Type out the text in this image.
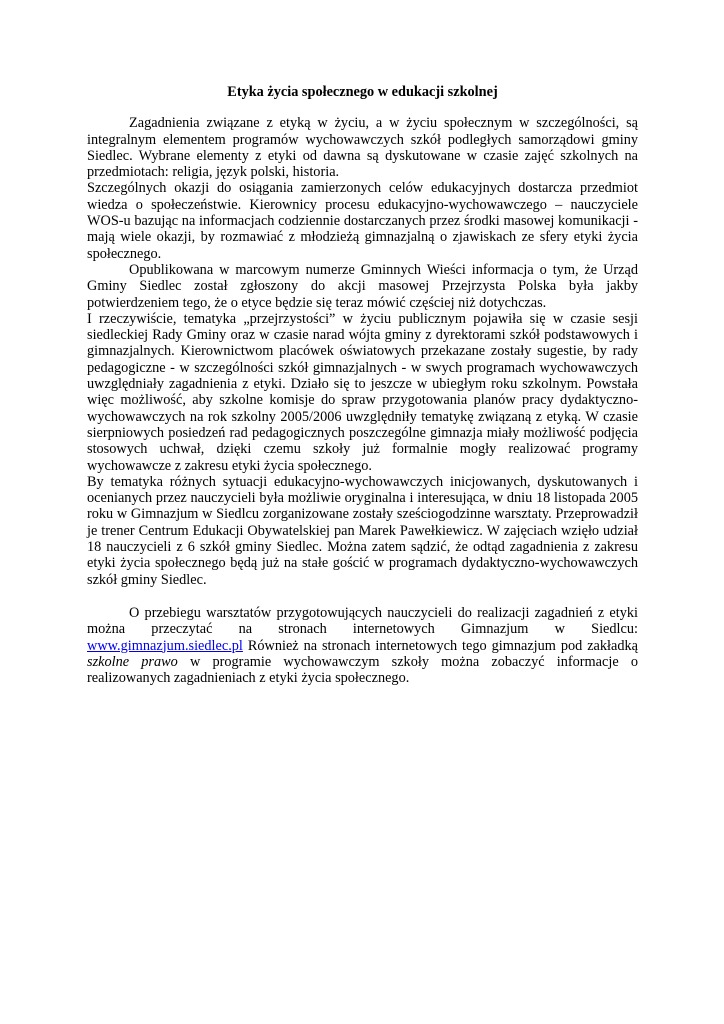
Etyka życia społecznego w edukacji szkolnej

Zagadnienia związane z etyką w życiu, a w życiu społecznym w szczególności, są integralnym elementem programów wychowawczych szkół podległych samorządowi gminy Siedlec. Wybrane elementy z etyki od dawna są dyskutowane w czasie zajęć szkolnych na przedmiotach: religia, język polski, historia.

Szczególnych okazji do osiągania zamierzonych celów edukacyjnych dostarcza przedmiot wiedza o społeczeństwie. Kierownicy procesu edukacyjno-wychowawczego – nauczyciele WOS-u bazując na informacjach codziennie dostarczanych przez środki masowej komunikacji - mają wiele okazji, by rozmawiać z młodzieżą gimnazjalną o zjawiskach ze sfery etyki życia społecznego.

Opublikowana w marcowym numerze Gminnych Wieści informacja o tym, że Urząd Gminy Siedlec został zgłoszony do akcji masowej Przejrzysta Polska była jakby potwierdzeniem tego, że o etyce będzie się teraz mówić częściej niż dotychczas.

I rzeczywiście, tematyka „przejrzystości” w życiu publicznym pojawiła się w czasie sesji siedleckiej Rady Gminy oraz w czasie narad wójta gminy z dyrektorami szkół podstawowych i gimnazjalnych. Kierownictwom placówek oświatowych przekazane zostały sugestie, by rady pedagogiczne - w szczególności szkół gimnazjalnych - w swych programach wychowawczych uwzględniały zagadnienia z etyki. Działo się to jeszcze w ubiegłym roku szkolnym. Powstała więc możliwość, aby szkolne komisje do spraw przygotowania planów pracy dydaktyczno-wychowawczych na rok szkolny 2005/2006 uwzględniły tematykę związaną z etyką. W czasie sierpniowych posiedzeń rad pedagogicznych poszczególne gimnazja miały możliwość podjęcia stosowych uchwał, dzięki czemu szkoły już formalnie mogły realizować programy wychowawcze z zakresu etyki życia społecznego.

By tematyka różnych sytuacji edukacyjno-wychowawczych inicjowanych, dyskutowanych i ocenianych przez nauczycieli była możliwie oryginalna i interesująca, w dniu 18 listopada 2005 roku w Gimnazjum w Siedlcu zorganizowane zostały sześciogodzinne warsztaty. Przeprowadził je trener Centrum Edukacji Obywatelskiej pan Marek Pawełkiewicz. W zajęciach wzięło udział 18 nauczycieli z 6 szkół gminy Siedlec. Można zatem sądzić, że odtąd zagadnienia z zakresu etyki życia społecznego będą już na stałe gościć w programach dydaktyczno-wychowawczych szkół gminy Siedlec.

O przebiegu warsztatów przygotowujących nauczycieli do realizacji zagadnień z etyki można przeczytać na stronach internetowych Gimnazjum w Siedlcu: www.gimnazjum.siedlec.pl Również na stronach internetowych tego gimnazjum pod zakładką szkolne prawo w programie wychowawczym szkoły można zobaczyć informacje o realizowanych zagadnieniach z etyki życia społecznego.
